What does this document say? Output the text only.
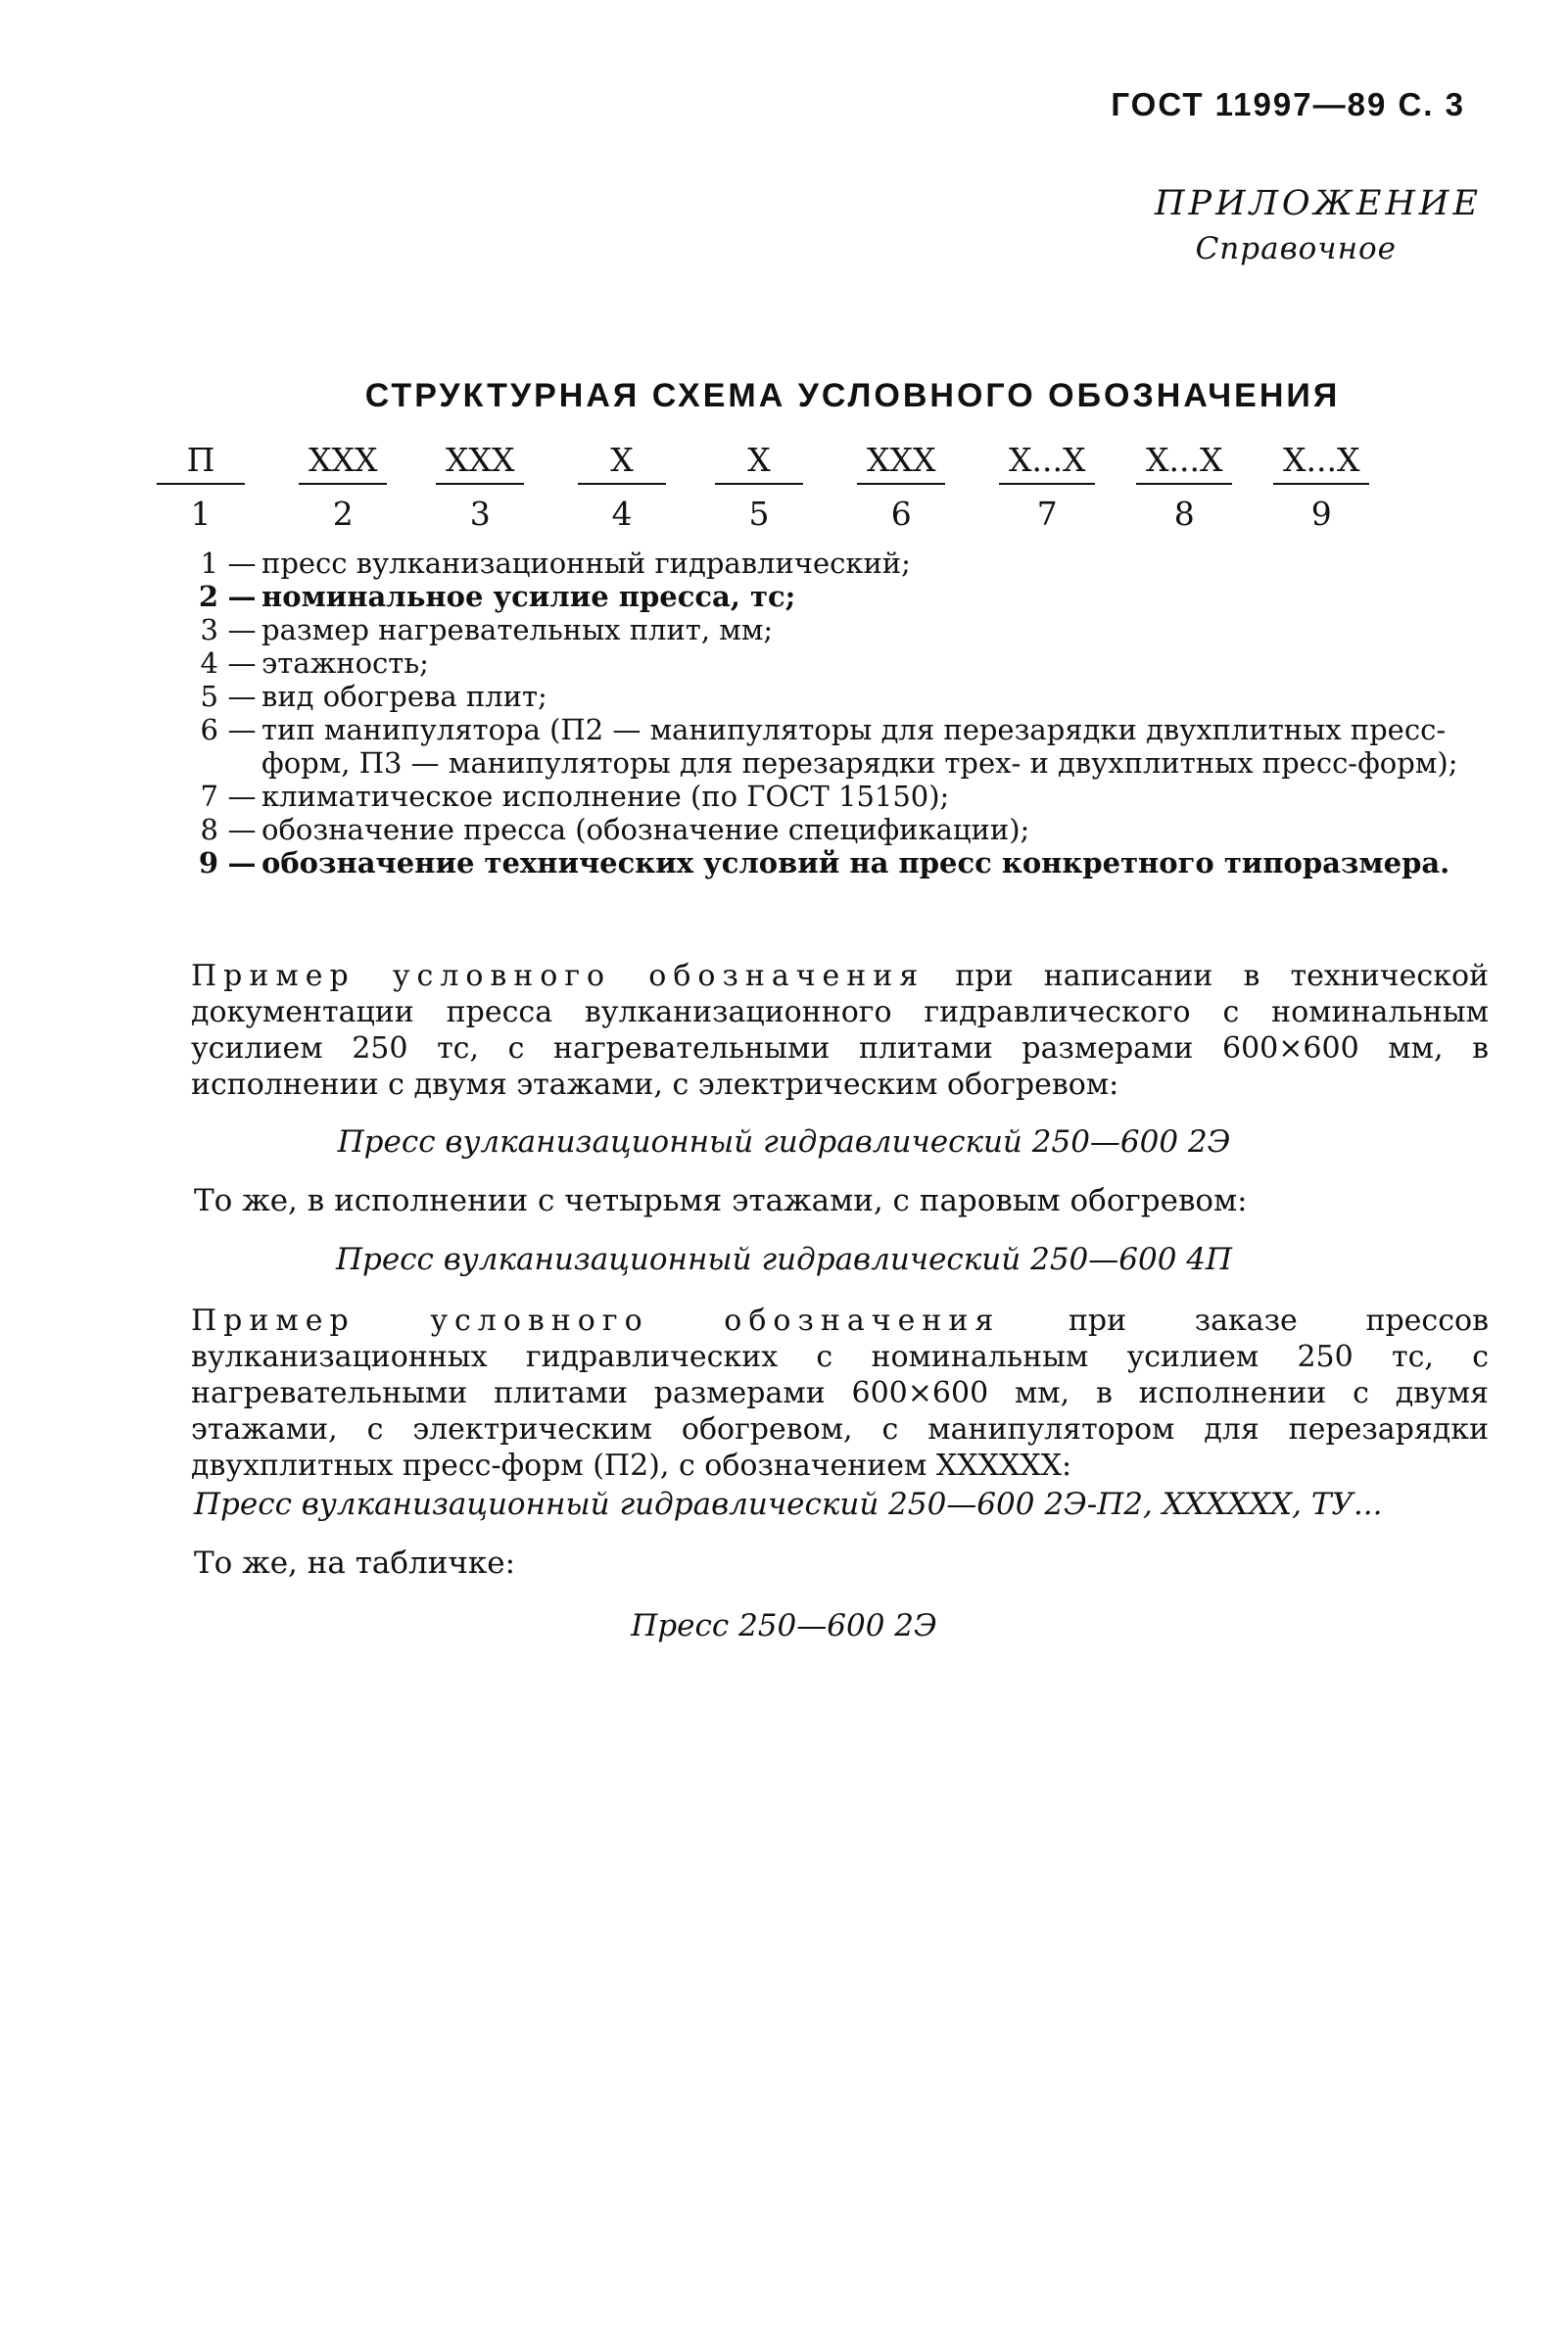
ГОСТ 11997—89 С. 3
ПРИЛОЖЕНИЕ
Справочное
СТРУКТУРНАЯ СХЕМА УСЛОВНОГО ОБОЗНАЧЕНИЯ
П
1
XXX
2
XXX
3
X
4
X
5
XXX
6
X...X
7
X...X
8
X...X
9
1 — пресс вулканизационный гидравлический;
2 — номинальное усилие пресса, тс;
3 — размер нагревательных плит, мм;
4 — этажность;
5 — вид обогрева плит;
6 — тип манипулятора (П2 — манипуляторы для перезарядки двухплитных пресс-форм, П3 — манипуляторы для перезарядки трех- и двухплитных пресс-форм);
7 — климатическое исполнение (по ГОСТ 15150);
8 — обозначение пресса (обозначение спецификации);
9 — обозначение технических условий на пресс конкретного типоразмера.
Пример условного обозначения при написании в технической документации пресса вулканизационного гидравлического с номинальным усилием 250 тс, с нагревательными плитами размерами 600×600 мм, в исполнении с двумя этажами, с электрическим обогревом:
Пресс вулканизационный гидравлический 250—600 2Э
То же, в исполнении с четырьмя этажами, с паровым обогревом:
Пресс вулканизационный гидравлический 250—600 4П
Пример условного обозначения при заказе прессов вулканизационных гидравлических с номинальным усилием 250 тс, с нагревательными плитами размерами 600×600 мм, в исполнении с двумя этажами, с электрическим обогревом, с манипулятором для перезарядки двухплитных пресс-форм (П2), с обозначением XXXXXX:
Пресс вулканизационный гидравлический 250—600 2Э-П2, XXXXXX, ТУ...
То же, на табличке:
Пресс 250—600 2Э
